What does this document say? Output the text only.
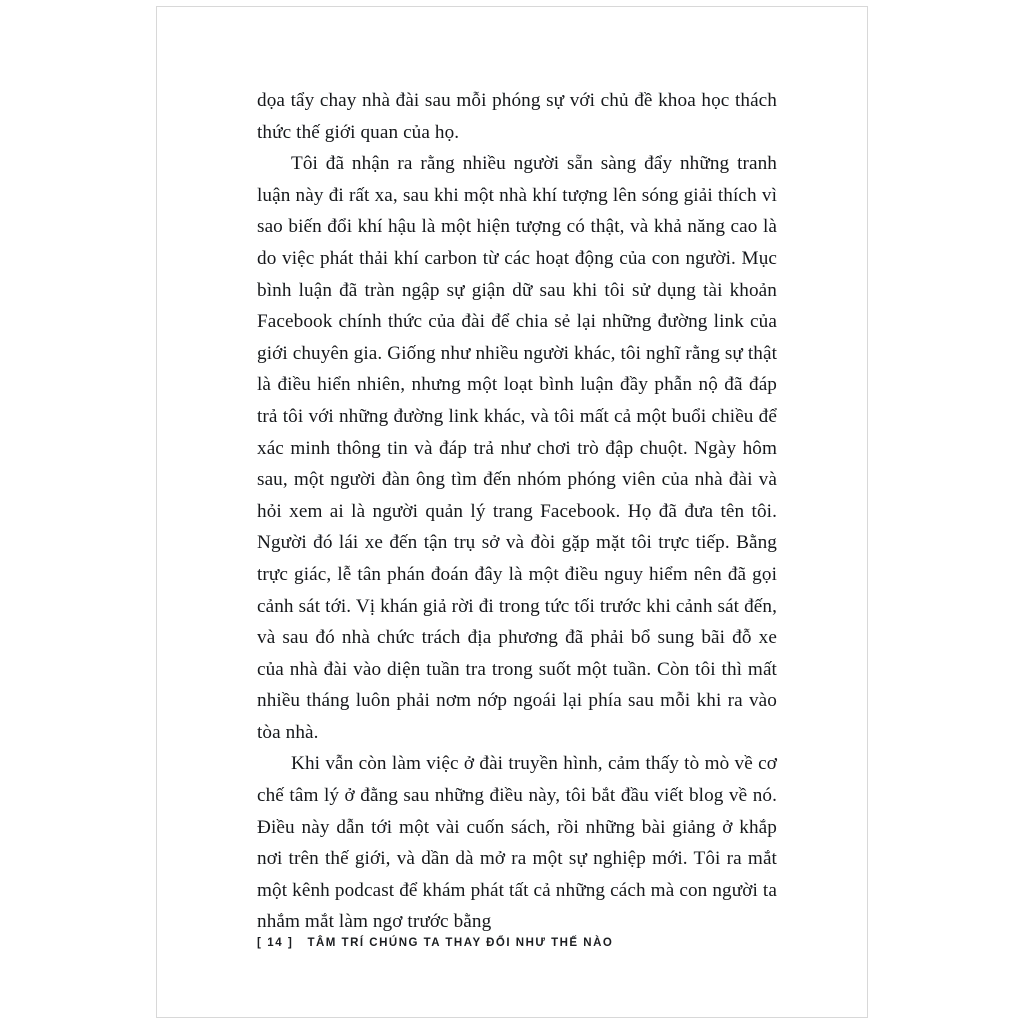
dọa tẩy chay nhà đài sau mỗi phóng sự với chủ đề khoa học thách thức thế giới quan của họ.

Tôi đã nhận ra rằng nhiều người sẵn sàng đẩy những tranh luận này đi rất xa, sau khi một nhà khí tượng lên sóng giải thích vì sao biến đổi khí hậu là một hiện tượng có thật, và khả năng cao là do việc phát thải khí carbon từ các hoạt động của con người. Mục bình luận đã tràn ngập sự giận dữ sau khi tôi sử dụng tài khoản Facebook chính thức của đài để chia sẻ lại những đường link của giới chuyên gia. Giống như nhiều người khác, tôi nghĩ rằng sự thật là điều hiển nhiên, nhưng một loạt bình luận đầy phẫn nộ đã đáp trả tôi với những đường link khác, và tôi mất cả một buổi chiều để xác minh thông tin và đáp trả như chơi trò đập chuột. Ngày hôm sau, một người đàn ông tìm đến nhóm phóng viên của nhà đài và hỏi xem ai là người quản lý trang Facebook. Họ đã đưa tên tôi. Người đó lái xe đến tận trụ sở và đòi gặp mặt tôi trực tiếp. Bằng trực giác, lễ tân phán đoán đây là một điều nguy hiểm nên đã gọi cảnh sát tới. Vị khán giả rời đi trong tức tối trước khi cảnh sát đến, và sau đó nhà chức trách địa phương đã phải bổ sung bãi đỗ xe của nhà đài vào diện tuần tra trong suốt một tuần. Còn tôi thì mất nhiều tháng luôn phải nơm nớp ngoái lại phía sau mỗi khi ra vào tòa nhà.

Khi vẫn còn làm việc ở đài truyền hình, cảm thấy tò mò về cơ chế tâm lý ở đằng sau những điều này, tôi bắt đầu viết blog về nó. Điều này dẫn tới một vài cuốn sách, rồi những bài giảng ở khắp nơi trên thế giới, và dần dà mở ra một sự nghiệp mới. Tôi ra mắt một kênh podcast để khám phát tất cả những cách mà con người ta nhắm mắt làm ngơ trước bằng

[ 14 ] TÂM TRÍ CHÚNG TA THAY ĐỔI NHƯ THẾ NÀO
